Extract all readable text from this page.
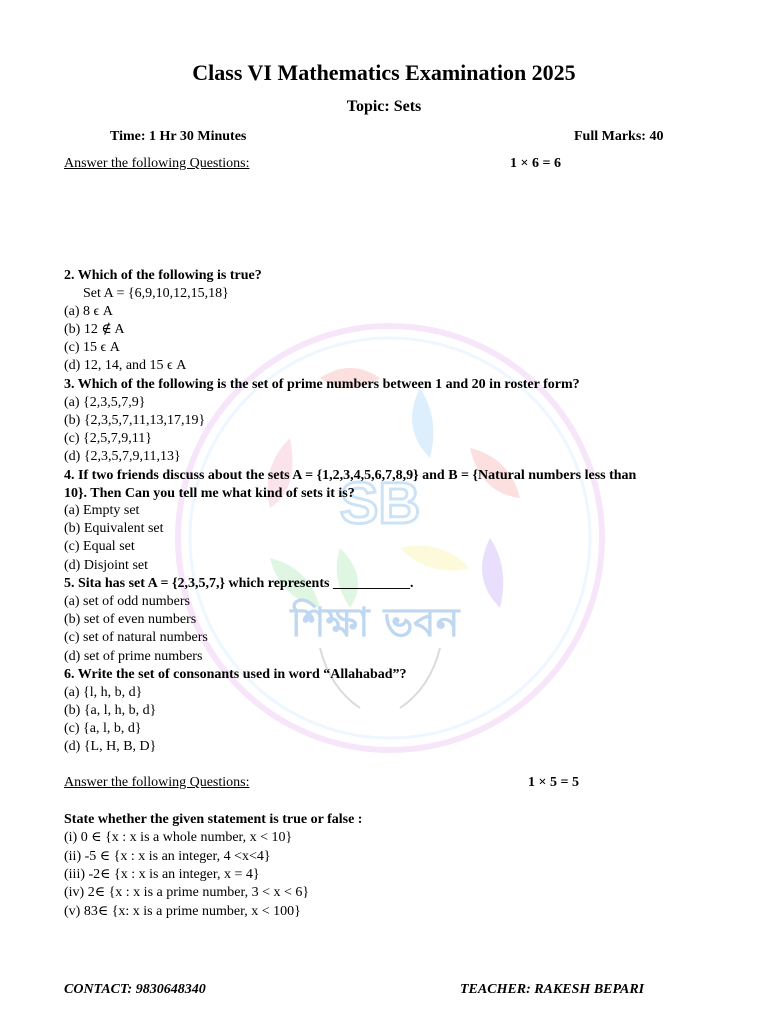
SB
শিক্ষা ভবন
Class VI Mathematics Examination 2025
Topic: Sets
Time: 1 Hr 30 Minutes	Full Marks: 40
Answer the following Questions:	1 × 6 = 6
2. Which of the following is true?
Set A = {6,9,10,12,15,18}
(a) 8 ϵ A
(b) 12 ∉ A
(c) 15 ϵ A
(d) 12, 14, and 15 ϵ A
3. Which of the following is the set of prime numbers between 1 and 20 in roster form?
(a) {2,3,5,7,9}
(b) {2,3,5,7,11,13,17,19}
(c) {2,5,7,9,11}
(d) {2,3,5,7,9,11,13}
4. If two friends discuss about the sets A = {1,2,3,4,5,6,7,8,9} and B = {Natural numbers less than
10}. Then Can you tell me what kind of sets it is?
(a) Empty set
(b) Equivalent set
(c) Equal set
(d) Disjoint set
5. Sita has set A = {2,3,5,7,} which represents ___________.
(a) set of odd numbers
(b) set of even numbers
(c) set of natural numbers
(d) set of prime numbers
6. Write the set of consonants used in word “Allahabad”?
(a) {l, h, b, d}
(b) {a, l, h, b, d}
(c) {a, l, b, d}
(d) {L, H, B, D}
Answer the following Questions:	1 × 5 = 5
State whether the given statement is true or false :
(i) 0 ∈ {x : x is a whole number, x < 10}
(ii) -5 ∈ {x : x is an integer, 4 <x<4}
(iii) -2∈ {x : x is an integer, x = 4}
(iv) 2∈ {x : x is a prime number, 3 < x < 6}
(v) 83∈ {x: x is a prime number, x < 100}
CONTACT: 9830648340	TEACHER: RAKESH BEPARI
